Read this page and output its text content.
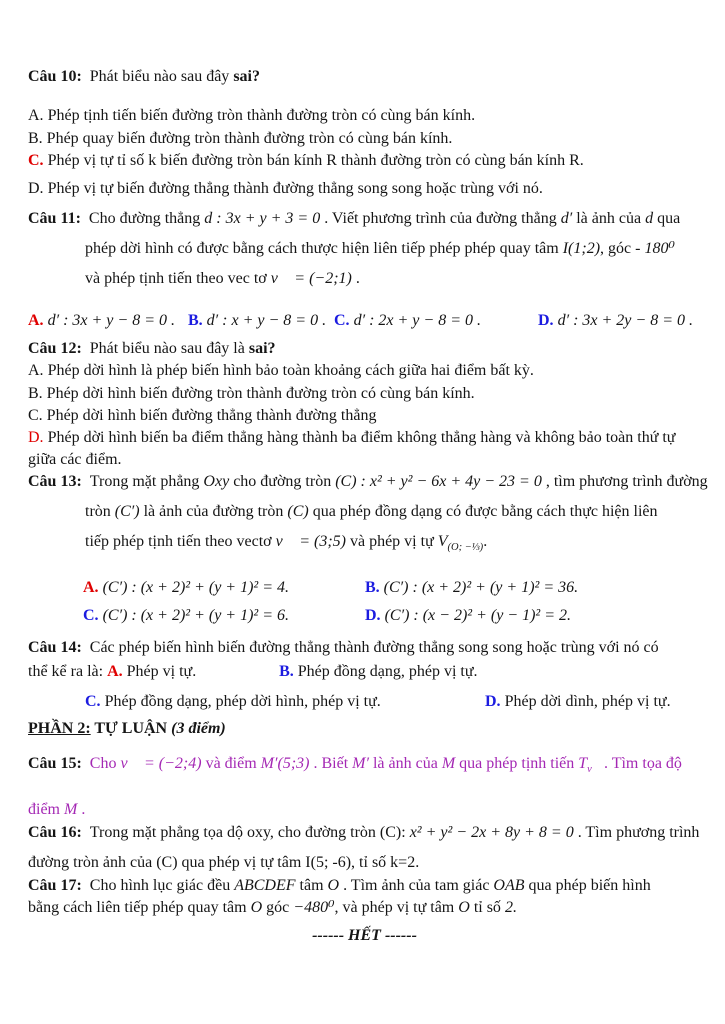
Câu 10: Phát biểu nào sau đây sai?

A. Phép tịnh tiến biến đường tròn thành đường tròn có cùng bán kính.

B. Phép quay biến đường tròn thành đường tròn có cùng bán kính.

C. Phép vị tự tỉ số k biến đường tròn bán kính R thành đường tròn có cùng bán kính R.

D. Phép vị tự biến đường thẳng thành đường thẳng song song hoặc trùng với nó.

Câu 11: Cho đường thẳng d : 3x + y + 3 = 0 . Viết phương trình của đường thẳng d′ là ảnh của d qua

phép dời hình có được bằng cách thược hiện liên tiếp phép phép quay tâm I(1;2), góc - 180⁰

và phép tịnh tiến theo vec tơ v⃗ = (−2;1) .

A. d′ : 3x + y − 8 = 0 . B. d′ : x + y − 8 = 0 . C. d′ : 2x + y − 8 = 0 .	D. d′ : 3x + 2y − 8 = 0 .

Câu 12: Phát biểu nào sau đây là sai?

A. Phép dời hình là phép biến hình bảo toàn khoảng cách giữa hai điểm bất kỳ.

B. Phép dời hình biến đường tròn thành đường tròn có cùng bán kính.

C. Phép dời hình biến đường thẳng thành đường thẳng

D. Phép dời hình biến ba điểm thẳng hàng thành ba điểm không thẳng hàng và không bảo toàn thứ tự giữa các điểm.

Câu 13: Trong mặt phẳng Oxy cho đường tròn (C) : x² + y² − 6x + 4y − 23 = 0 , tìm phương trình đường

tròn (C′) là ảnh của đường tròn (C) qua phép đồng dạng có được bằng cách thực hiện liên

tiếp phép tịnh tiến theo vectơ v⃗ = (3;5) và phép vị tự $V_{(O; -\frac{1}{3})}$.

A. (C′) : (x + 2)² + (y + 1)² = 4.	B. (C′) : (x + 2)² + (y + 1)² = 36.
C. (C′) : (x + 2)² + (y + 1)² = 6.	D. (C′) : (x − 2)² + (y − 1)² = 2.

Câu 14: Các phép biến hình biến đường thẳng thành đường thẳng song song hoặc trùng với nó có

thể kể ra là: A. Phép vị tự.	B. Phép đồng dạng, phép vị tự.

C. Phép đồng dạng, phép dời hình, phép vị tự.	D. Phép dời dình, phép vị tự.

PHẦN 2: TỰ LUẬN (3 điểm)

Câu 15: Cho v⃗ = (−2;4) và điểm M′(5;3) . Biết M′ là ảnh của M qua phép tịnh tiến $T_{v⃗}$ . Tìm tọa độ

điểm M .

Câu 16: Trong mặt phẳng tọa dộ oxy, cho đường tròn (C): x² + y² − 2x + 8y + 8 = 0 . Tìm phương trình

đường tròn ảnh của (C) qua phép vị tự tâm I(5; -6), tỉ số k=2.

Câu 17: Cho hình lục giác đều ABCDEF tâm O . Tìm ảnh của tam giác OAB qua phép biến hình

bằng cách liên tiếp phép quay tâm O góc −480⁰, và phép vị tự tâm O tỉ số 2.

------ HẾT ------
